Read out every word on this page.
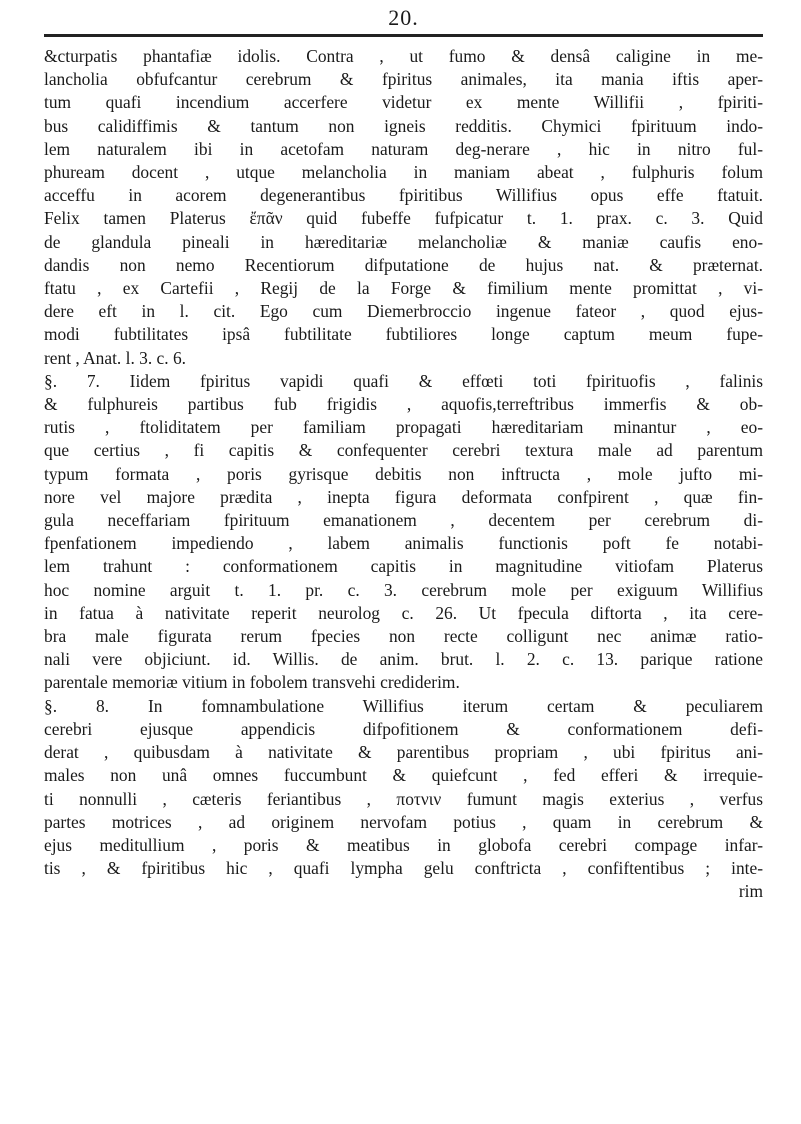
20.
&cturpatis phantafiæ idolis. Contra , ut fumo & densâ caligine in me-
lancholia obfufcantur cerebrum & fpiritus animales, ita mania iftis aper-
tum quafi incendium accerfere videtur ex mente Willifii , fpiriti-
bus calidiffimis & tantum non igneis redditis. Chymici fpirituum indo-
lem naturalem ibi in acetofam naturam deg-nerare , hic in nitro ful-
phuream docent , utque melancholia in maniam abeat , fulphuris folum
acceffu in acorem degenerantibus fpiritibus Willifius opus effe ftatuit.
Felix tamen Platerus ἔπᾶν quid fubeffe fufpicatur t. 1. prax. c. 3. Quid
de glandula pineali in hæreditariæ melancholiæ & maniæ caufis eno-
dandis non nemo Recentiorum difputatione de hujus nat. & præternat.
ftatu , ex Cartefii , Regij de la Forge & fimilium mente promittat , vi-
dere eft in l. cit. Ego cum Diemerbroccio ingenue fateor , quod ejus-
modi fubtilitates ipsâ fubtilitate fubtiliores longe captum meum fupe-
rent , Anat. l. 3. c. 6.
§. 7. Iidem fpiritus vapidi quafi & effœti toti fpirituofis , falinis
& fulphureis partibus fub frigidis , aquofis,terreftribus immerfis & ob-
rutis , ftoliditatem per familiam propagati hæreditariam minantur , eo-
que certius , fi capitis & confequenter cerebri textura male ad parentum
typum formata , poris gyrisque debitis non inftructa , mole jufto mi-
nore vel majore prædita , inepta figura deformata confpirent , quæ fin-
gula neceffariam fpirituum emanationem , decentem per cerebrum di-
fpenfationem impediendo , labem animalis functionis poft fe notabi-
lem trahunt : conformationem capitis in magnitudine vitiofam Platerus
hoc nomine arguit t. 1. pr. c. 3. cerebrum mole per exiguum Willifius
in fatua à nativitate reperit neurolog c. 26. Ut fpecula diftorta , ita cere-
bra male figurata rerum fpecies non recte colligunt nec animæ ratio-
nali vere objiciunt. id. Willis. de anim. brut. l. 2. c. 13. parique ratione
parentale memoriæ vitium in fobolem transvehi crediderim.
§. 8. In fomnambulatione Willifius iterum certam & peculiarem
cerebri ejusque appendicis difpofitionem & conformationem defi-
derat , quibusdam à nativitate & parentibus propriam , ubi fpiritus ani-
males non unâ omnes fuccumbunt & quiefcunt , fed efferi & irrequie-
ti nonnulli , cæteris feriantibus , ποτνιν fumunt magis exterius , verfus
partes motrices , ad originem nervofam potius , quam in cerebrum &
ejus meditullium , poris & meatibus in globofa cerebri compage infar-
tis , & fpiritibus hic , quafi lympha gelu conftricta , confiftentibus ; inte-
rim
